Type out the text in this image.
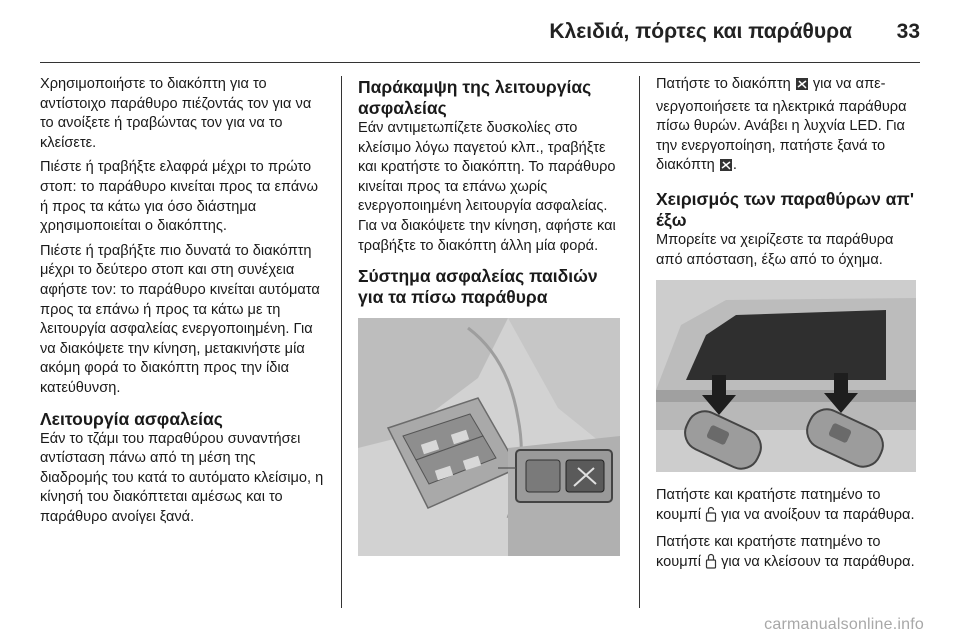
Κλειδιά, πόρτες και παράθυρα 33

Χρησιμοποιήστε το διακόπτη για το αντίστοιχο παράθυρο πιέζοντάς τον για να το ανοίξετε ή τραβώντας τον για να το κλείσετε.

Πιέστε ή τραβήξτε ελαφρά μέχρι το πρώτο στοπ: το παράθυρο κινείται προς τα επάνω ή προς τα κάτω για όσο διάστημα χρησιμοποιείται ο διακόπτης.

Πιέστε ή τραβήξτε πιο δυνατά το διακόπτη μέχρι το δεύτερο στοπ και στη συνέχεια αφήστε τον: το παράθυρο κινείται αυτόματα προς τα επάνω ή προς τα κάτω με τη λειτουργία ασφαλείας ενεργοποιημένη. Για να διακόψετε την κίνηση, μετακινήστε μία ακόμη φορά το διακόπτη προς την ίδια κατεύθυνση.

Λειτουργία ασφαλείας

Εάν το τζάμι του παραθύρου συναντήσει αντίσταση πάνω από τη μέση της διαδρομής του κατά το αυτόματο κλείσιμο, η κίνησή του διακόπτεται αμέσως και το παράθυρο ανοίγει ξανά.

Παράκαμψη της λειτουργίας ασφαλείας

Εάν αντιμετωπίζετε δυσκολίες στο κλείσιμο λόγω παγετού κλπ., τραβήξτε και κρατήστε το διακόπτη. Το παράθυρο κινείται προς τα επάνω χωρίς ενεργοποιημένη λειτουργία ασφαλείας. Για να διακόψετε την κίνηση, αφήστε και τραβήξτε το διακόπτη άλλη μία φορά.

Σύστημα ασφαλείας παιδιών για τα πίσω παράθυρα

Πατήστε το διακόπτη για να απενεργοποιήσετε τα ηλεκτρικά παράθυρα πίσω θυρών. Ανάβει η λυχνία LED. Για την ενεργοποίηση, πατήστε ξανά το διακόπτη .

Χειρισμός των παραθύρων απ' έξω

Μπορείτε να χειρίζεστε τα παράθυρα από απόσταση, έξω από το όχημα.

Πατήστε και κρατήστε πατημένο το κουμπί για να ανοίξουν τα παράθυρα.

Πατήστε και κρατήστε πατημένο το κουμπί για να κλείσουν τα παράθυρα.

carmanualsonline.info
